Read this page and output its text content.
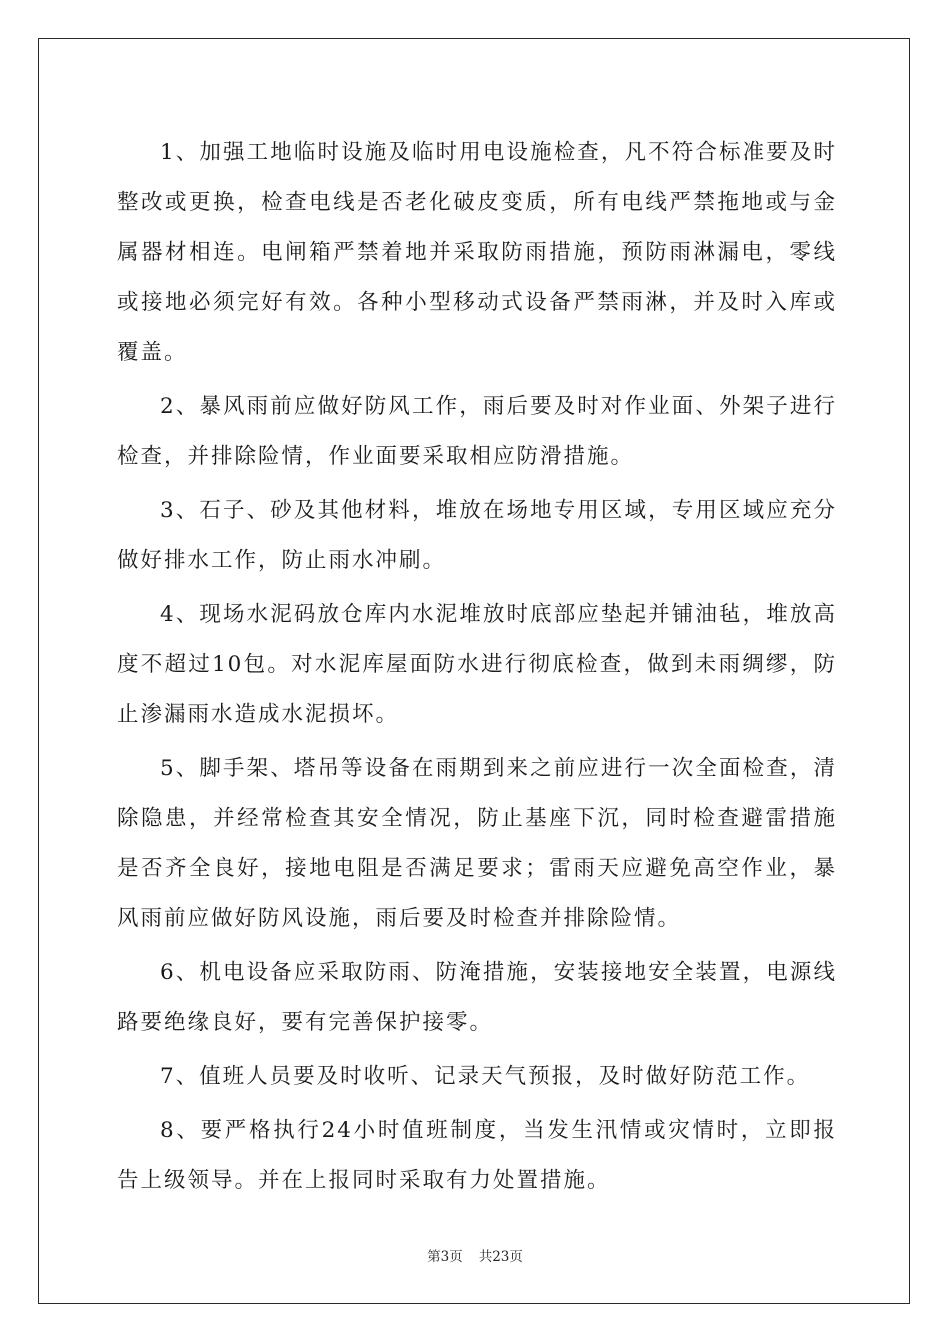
1、加强工地临时设施及临时用电设施检查，凡不符合标准要及时整改或更换，检查电线是否老化破皮变质，所有电线严禁拖地或与金属器材相连。电闸箱严禁着地并采取防雨措施，预防雨淋漏电，零线或接地必须完好有效。各种小型移动式设备严禁雨淋，并及时入库或覆盖。

2、暴风雨前应做好防风工作，雨后要及时对作业面、外架子进行检查，并排除险情，作业面要采取相应防滑措施。

3、石子、砂及其他材料，堆放在场地专用区域，专用区域应充分做好排水工作，防止雨水冲刷。

4、现场水泥码放仓库内水泥堆放时底部应垫起并铺油毡，堆放高度不超过10包。对水泥库屋面防水进行彻底检查，做到未雨绸缪，防止渗漏雨水造成水泥损坏。

5、脚手架、塔吊等设备在雨期到来之前应进行一次全面检查，清除隐患，并经常检查其安全情况，防止基座下沉，同时检查避雷措施是否齐全良好，接地电阻是否满足要求；雷雨天应避免高空作业，暴风雨前应做好防风设施，雨后要及时检查并排除险情。

6、机电设备应采取防雨、防淹措施，安装接地安全装置，电源线路要绝缘良好，要有完善保护接零。

7、值班人员要及时收听、记录天气预报，及时做好防范工作。

8、要严格执行24小时值班制度，当发生汛情或灾情时，立即报告上级领导。并在上报同时采取有力处置措施。

第3页 共23页
